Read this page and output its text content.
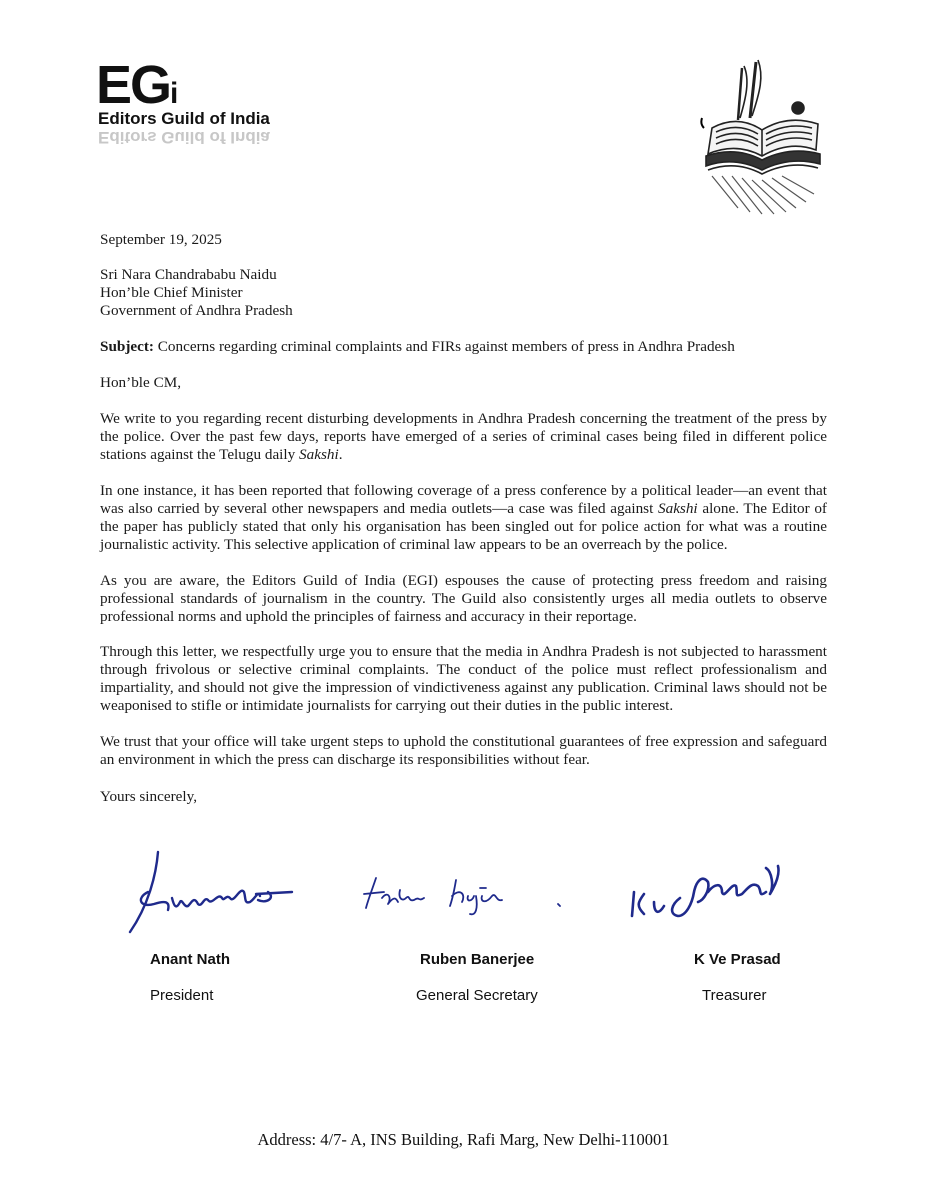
EGi
Editors Guild of India
Editors Guild of India
September 19, 2025
Sri Nara Chandrababu Naidu
Hon’ble Chief Minister
Government of Andhra Pradesh
Subject: Concerns regarding criminal complaints and FIRs against members of press in Andhra Pradesh
Hon’ble CM,
We write to you regarding recent disturbing developments in Andhra Pradesh concerning the treatment of the press by the police. Over the past few days, reports have emerged of a series of criminal cases being filed in different police stations against the Telugu daily Sakshi.
In one instance, it has been reported that following coverage of a press conference by a political leader—an event that was also carried by several other newspapers and media outlets—a case was filed against Sakshi alone. The Editor of the paper has publicly stated that only his organisation has been singled out for police action for what was a routine journalistic activity. This selective application of criminal law appears to be an overreach by the police.
As you are aware, the Editors Guild of India (EGI) espouses the cause of protecting press freedom and raising professional standards of journalism in the country. The Guild also consistently urges all media outlets to observe professional norms and uphold the principles of fairness and accuracy in their reportage.
Through this letter, we respectfully urge you to ensure that the media in Andhra Pradesh is not subjected to harassment through frivolous or selective criminal complaints. The conduct of the police must reflect professionalism and impartiality, and should not give the impression of vindictiveness against any publication. Criminal laws should not be weaponised to stifle or intimidate journalists for carrying out their duties in the public interest.
We trust that your office will take urgent steps to uphold the constitutional guarantees of free expression and safeguard an environment in which the press can discharge its responsibilities without fear.
Yours sincerely,
Anant Nath
President
Ruben Banerjee
General Secretary
K Ve Prasad
Treasurer
Address: 4/7- A, INS Building, Rafi Marg, New Delhi-110001
